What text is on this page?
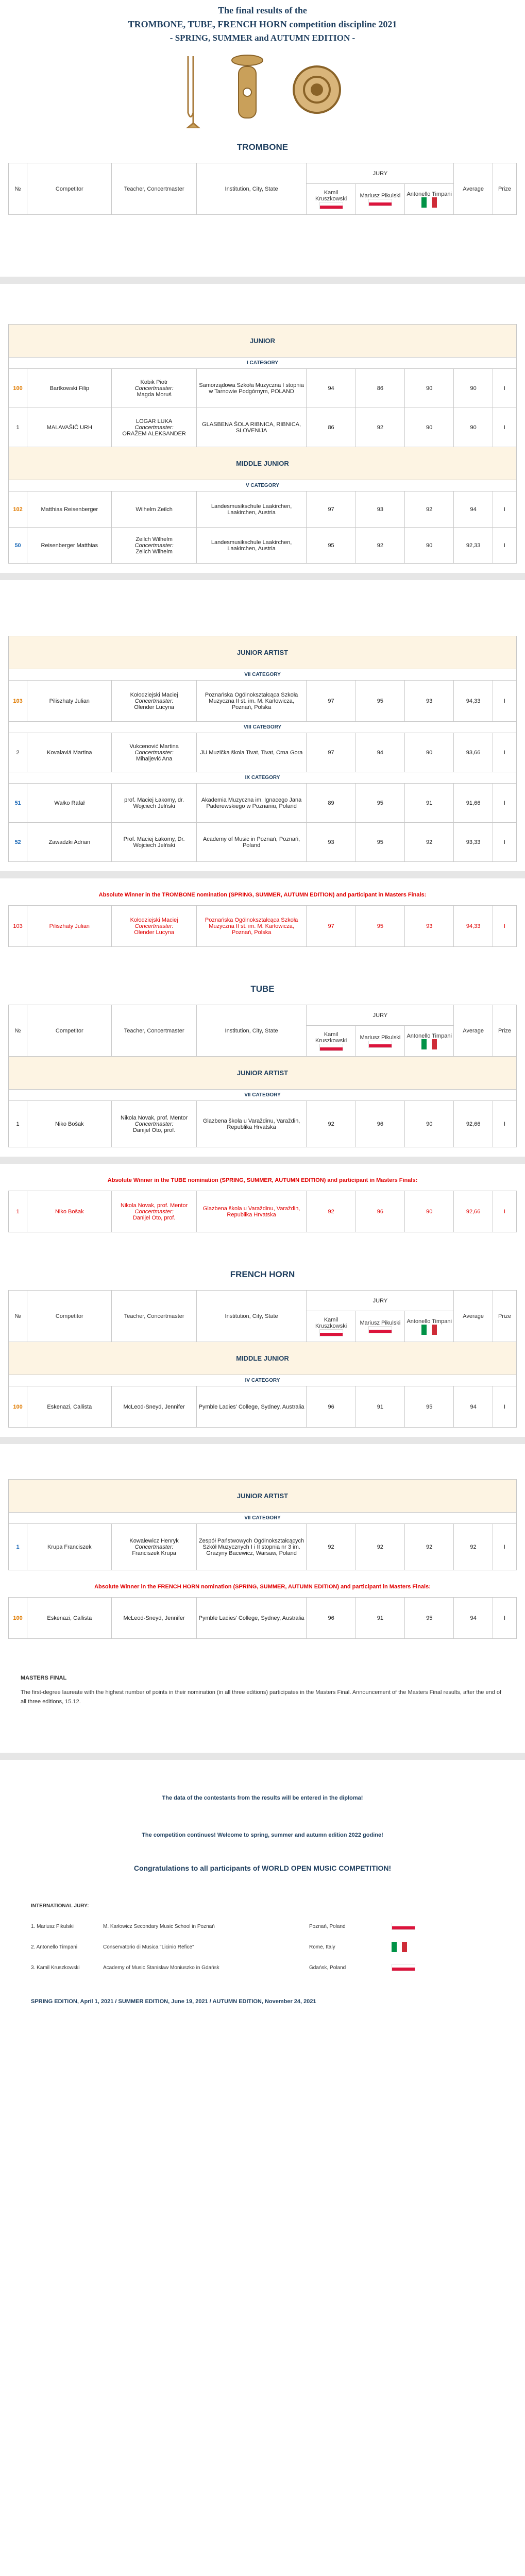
The final results of the
TROMBONE, TUBE, FRENCH HORN competition discipline 2021
- SPRING, SUMMER and AUTUMN EDITION -
TROMBONE
№	Competitor	Teacher, Concertmaster	Institution, City, State	JURY			Average	Prize

				Kamil Kruszkowski	Mariusz Pikulski	Antonello Timpani		
JUNIOR								
I CATEGORY								
100	Bartkowski Filip	Kobik Piotr
Concertmaster:
Magda Moruś	Samorządowa Szkoła Muzyczna I stopnia w Tarnowie Podgórnym, POLAND	94	86	90	90	I
1	MALAVAŠIČ URH	LOGAR LUKA
Concertmaster:
ORAŽEM ALEKSANDER	GLASBENA ŠOLA RIBNICA, RIBNICA, SLOVENIJA	86	92	90	90	I
MIDDLE JUNIOR								
V CATEGORY								
102	Matthias Reisenberger	Wilhelm Zeilch	Landesmusikschule Laakirchen, Laakirchen, Austria	97	93	92	94	I
50	Reisenberger Matthias	Zeilch Wilhelm
Concertmaster:
Zeilch Wilhelm	Landesmusikschule Laakirchen, Laakirchen, Austria	95	92	90	92,33	I
JUNIOR ARTIST								
VII CATEGORY								
103	Piliszhaty Julian	Kołodziejski Maciej
Concertmaster:
Olender Lucyna	Poznańska Ogólnokształcąca Szkoła Muzyczna II st. im. M. Karłowicza, Poznań, Polska	97	95	93	94,33	I
VIII CATEGORY								
2	Kovalaviá Martina	Vukcenović Martina
Concertmaster:
Mihaljević Ana	JU Muzička škola Tivat, Tivat, Crna Gora	97	94	90	93,66	I
IX CATEGORY								
51	Wałko Rafał	prof. Maciej Łakomy, dr. Wojciech Jelński	Akademia Muzyczna im. Ignacego Jana Paderewskiego w Poznaniu, Poland	89	95	91	91,66	I
52	Zawadzki Adrian	Prof. Maciej Łakomy, Dr. Wojciech Jelński	Academy of Music in Poznań, Poznań, Poland	93	95	92	93,33	I
Absolute Winner in the TROMBONE nomination (SPRING, SUMMER, AUTUMN EDITION) and participant in Masters Finals:
103	Piliszhaty Julian	
Kołodziejski Maciej
Concertmaster:
Olender Lucyna
	Poznańska Ogólnokształcąca Szkoła Muzyczna II st. im. M. Karłowicza, Poznań, Polska	97	95	93	94,33	I
TUBE
№	Competitor	Teacher, Concertmaster	Institution, City, State	JURY			Average	Prize

				Kamil Kruszkowski	Mariusz Pikulski	Antonello Timpani		

JUNIOR ARTIST								
VII CATEGORY								
1	Niko Bošak	Nikola Novak, prof. Mentor
Concertmaster:
Danijel Oto, prof.	Glazbena škola u Varaždinu, Varaždin, Republika Hrvatska	92	96	90	92,66	I
Absolute Winner in the TUBE nomination (SPRING, SUMMER, AUTUMN EDITION) and participant in Masters Finals:
1	Niko Bošak	
Nikola Novak, prof. Mentor
Concertmaster:
Danijel Oto, prof.
	Glazbena škola u Varaždinu, Varaždin, Republika Hrvatska	92	96	90	92,66	I
FRENCH HORN
№	Competitor	Teacher, Concertmaster	Institution, City, State	JURY			Average	Prize

				Kamil Kruszkowski	Mariusz Pikulski	Antonello Timpani		

MIDDLE JUNIOR								
IV CATEGORY								
100	Eskenazi, Callista	McLeod-Sneyd, Jennifer	Pymble Ladies' College, Sydney, Australia	96	91	95	94	I
JUNIOR ARTIST
VII CATEGORY
1	Krupa Franciszek	
Kowalewicz Henryk
Concertmaster:
Franciszek Krupa
	Zespół Państwowych Ogólnokształcących Szkół Muzycznych I i II stopnia nr 3 im. Grażyny Bacewicz, Warsaw, Poland	92	92	92	92	I
Absolute Winner in the FRENCH HORN nomination (SPRING, SUMMER, AUTUMN EDITION) and participant in Masters Finals:
100	Eskenazi, Callista	McLeod-Sneyd, Jennifer	Pymble Ladies' College, Sydney, Australia	96	91	95	94	I
MASTERS FINAL
The first-degree laureate with the highest number of points in their nomination (in all three editions) participates in the Masters Final. Announcement of the Masters Final results, after the end of all three editions, 15.12.
The data of the contestants from the results will be entered in the diploma!
The competition continues! Welcome to spring, summer and autumn edition 2022 godine!
Congratulations to all participants of WORLD OPEN MUSIC COMPETITION!
INTERNATIONAL JURY:
1. Mariusz Pikulski	M. Karłowicz Secondary Music School in Poznań	Poznań, Poland
2. Antonello Timpani	Conservatorio di Musica "Licinio Refice"	Rome, Italy
3. Kamil Kruszkowski	Academy of Music Stanisław Moniuszko in Gdańsk	Gdańsk, Poland
SPRING EDITION, April 1, 2021 / SUMMER EDITION, June 19, 2021 / AUTUMN EDITION, November 24, 2021
